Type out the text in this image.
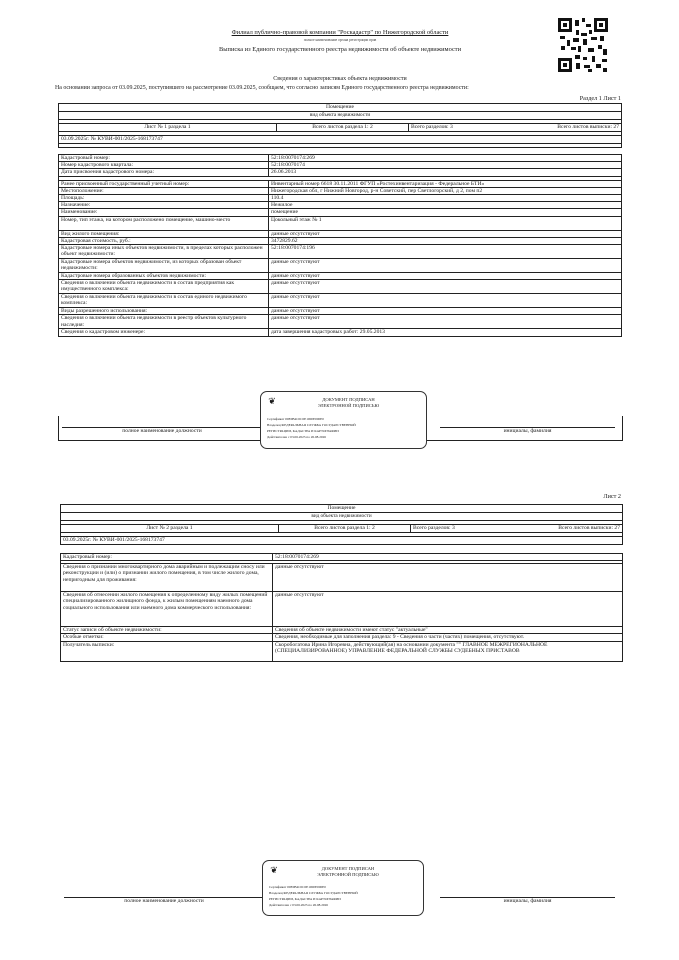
Филиал публично-правовой компании "Роскадастр" по Нижегородской области
полное наименование органа регистрации прав
Выписка из Единого государственного реестра недвижимости об объекте недвижимости
Сведения о характеристиках объекта недвижимости
На основании запроса от 03.09.2025, поступившего на рассмотрение 03.09.2025, сообщаем, что согласно записям Единого государственного реестра недвижимости:
Раздел 1 Лист 1
Помещение
вид объекта недвижимости

Лист № 1 раздела 1	Всего листов раздела 1: 2	Всего разделов: 3	Всего листов выписки: 27

03.09.2025г. № КУВИ-001/2025-168173747

Кадастровый номер:	52:18:0070174:269
Номер кадастрового квартала:	52:18:0070174
Дата присвоения кадастрового номера:	26.06.2013

Ранее присвоенный государственный учетный номер:	Инвентарный номер 6618 30.11.2011 ФГУП «Ростехинвентаризация - Федеральное БТИ»
Местоположение:	Нижегородская обл, г Нижний Новгород, р-н Советский, пер Светлогорский, д 2, пом п2
Площадь:	110.4
Назначение:	Нежилое
Наименование:	помещение
Номер, тип этажа, на котором расположено помещение, машино-место	Цокольный этаж № 1
Вид жилого помещения:	данные отсутствуют
Кадастровая стоимость, руб.:	3472829.62
Кадастровые номера иных объектов недвижимости, в пределах которых расположен объект недвижимости:	52:18:0070174:196
Кадастровые номера объектов недвижимости, из которых образован объект недвижимости:	данные отсутствуют
Кадастровые номера образованных объектов недвижимости:	данные отсутствуют
Сведения о включении объекта недвижимости в состав предприятия как имущественного комплекса:	данные отсутствуют
Сведения о включении объекта недвижимости в состав единого недвижимого комплекса:	данные отсутствуют
Виды разрешенного использования:	данные отсутствуют
Сведения о включении объекта недвижимости в реестр объектов культурного наследия:	данные отсутствуют
Сведения о кадастровом инженере:	дата завершения кадастровых работ: 29.05.2013
полное наименование должности	инициалы, фамилия
❦	ДОКУМЕНТ ПОДПИСАН
ЭЛЕКТРОННОЙ ПОДПИСЬЮ
Сертификат 00Е0В4С0С0Е1000Е000Е0
Владелец ФЕДЕРАЛЬНАЯ СЛУЖБА ГОСУДАРСТВЕННОЙ
РЕГИСТРАЦИИ, КАДАСТРА И КАРТОГРАФИИ
Действителен с 03.06.2025 по 26.08.2026
Лист 2
Помещение
вид объекта недвижимости

Лист № 2 раздела 1	Всего листов раздела 1: 2	Всего разделов: 3	Всего листов выписки: 27

03.09.2025г. № КУВИ-001/2025-168173747
Кадастровый номер:	52:18:0070174:269

Сведения о признании многоквартирного дома аварийным и подлежащим сносу или реконструкции и (или) о признании жилого помещения, в том числе жилого дома, непригодным для проживания:	данные отсутствуют
Сведения об отнесении жилого помещения к определенному виду жилых помещений специализированного жилищного фонда, к жилым помещениям наемного дома социального использования или наемного дома коммерческого использования:	данные отсутствуют
Статус записи об объекте недвижимости:	Сведения об объекте недвижимости имеют статус "актуальные"
Особые отметки:	Сведения, необходимые для заполнения раздела: 9 - Сведения о части (частях) помещения, отсутствуют.
Получатель выписки:	Скоробогатова Ирина Игоревна, действующий(ая) на основании документа "" ГЛАВНОЕ МЕЖРЕГИОНАЛЬНОЕ (СПЕЦИАЛИЗИРОВАННОЕ) УПРАВЛЕНИЕ ФЕДЕРАЛЬНОЙ СЛУЖБЫ СУДЕБНЫХ ПРИСТАВОВ
полное наименование должности	инициалы, фамилия
❦	ДОКУМЕНТ ПОДПИСАН
ЭЛЕКТРОННОЙ ПОДПИСЬЮ
Сертификат 00Е0В4С0С0Е1000Е000Е0
Владелец ФЕДЕРАЛЬНАЯ СЛУЖБА ГОСУДАРСТВЕННОЙ
РЕГИСТРАЦИИ, КАДАСТРА И КАРТОГРАФИИ
Действителен с 03.06.2025 по 26.08.2026
